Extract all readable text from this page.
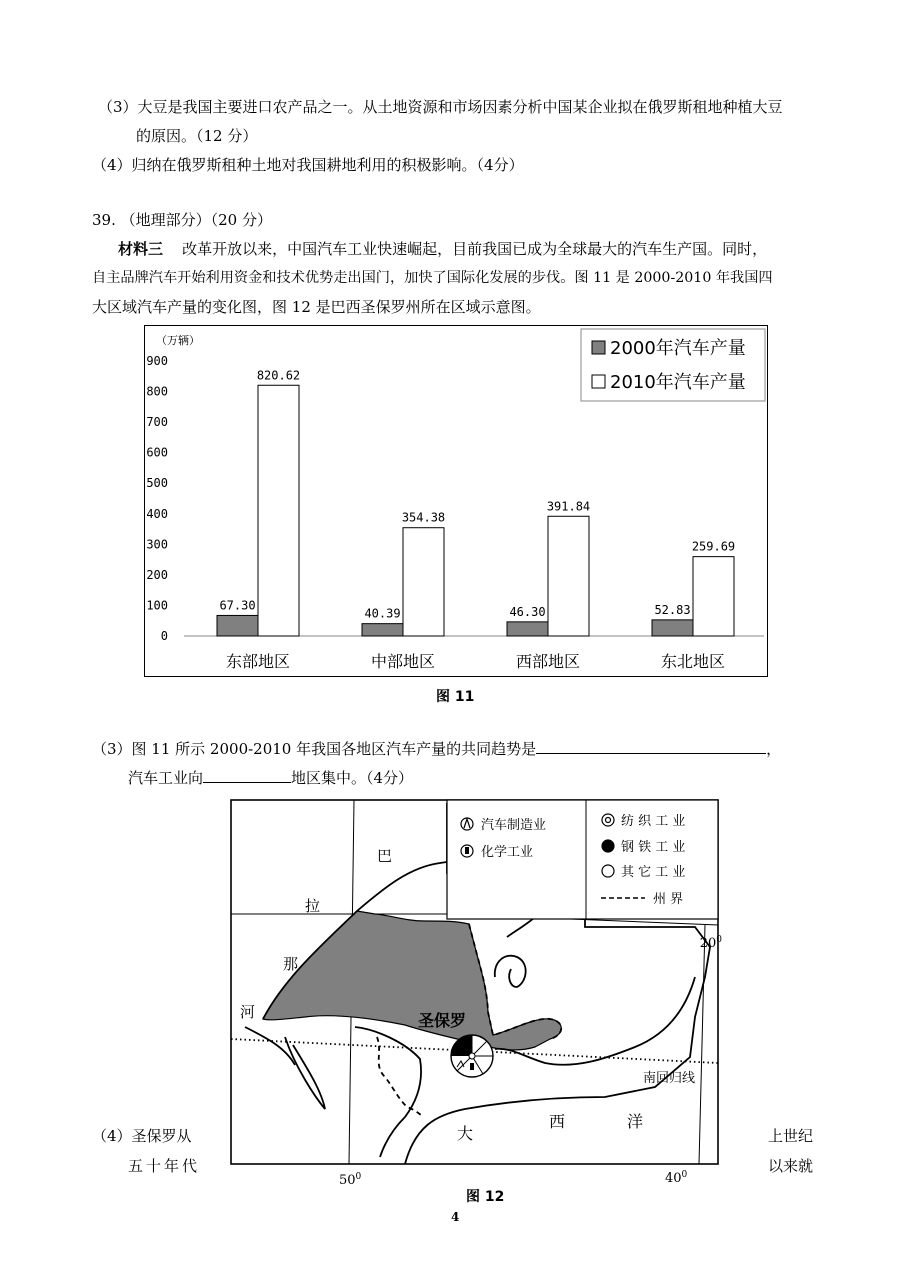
（3）大豆是我国主要进口农产品之一。从土地资源和市场因素分析中国某企业拟在俄罗斯租地种植大豆
的原因。（12 分）
（4）归纳在俄罗斯租种土地对我国耕地利用的积极影响。（4分）
39. （地理部分）（20 分）
材料三 改革开放以来，中国汽车工业快速崛起，目前我国已成为全球最大的汽车生产国。同时，
自主品牌汽车开始利用资金和技术优势走出国门，加快了国际化发展的步伐。图 11 是 2000-2010 年我国四
大区域汽车产量的变化图，图 12 是巴西圣保罗州所在区域示意图。
（万辆）
0
100
200
300
400
500
600
700
800
900
67.30
820.62
东部地区
40.39
354.38
中部地区
46.30
391.84
西部地区
52.83
259.69
东北地区
2000年汽车产量
2010年汽车产量
图 11
（3）图 11 所示 2000-2010 年我国各地区汽车产量的共同趋势是	，
汽车工业向	地区集中。（4分）
巴
拉
那
河	圣保罗
大
西	洋
南回归线
$20^0$
$50^0$	$40^0$
汽车制造业
化学工业
纺 织 工 业
钢 铁 工 业
其 它 工 业
州 界
（4）圣保罗从
五十年代
上世纪
以来就
图 12
4
